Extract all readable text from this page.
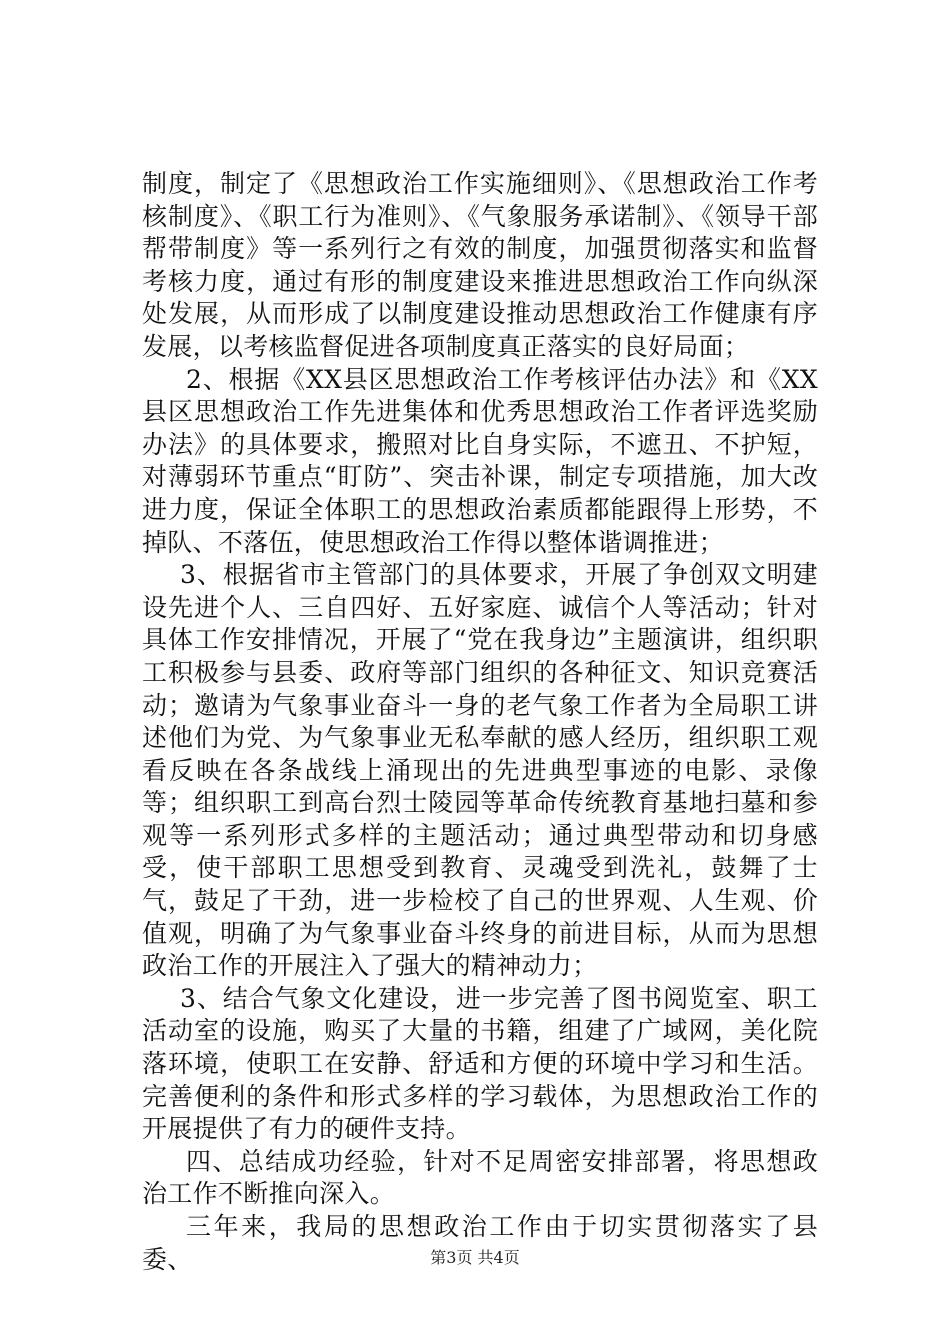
制度，制定了《思想政治工作实施细则》、《思想政治工作考核制度》、《职工行为准则》、《气象服务承诺制》、《领导干部帮带制度》等一系列行之有效的制度，加强贯彻落实和监督考核力度，通过有形的制度建设来推进思想政治工作向纵深处发展，从而形成了以制度建设推动思想政治工作健康有序发展，以考核监督促进各项制度真正落实的良好局面；

2、根据《XX县区思想政治工作考核评估办法》和《XX县区思想政治工作先进集体和优秀思想政治工作者评选奖励办法》的具体要求，搬照对比自身实际，不遮丑、不护短，对薄弱环节重点“盯防”、突击补课，制定专项措施，加大改进力度，保证全体职工的思想政治素质都能跟得上形势，不掉队、不落伍，使思想政治工作得以整体谐调推进；

3、根据省市主管部门的具体要求，开展了争创双文明建设先进个人、三自四好、五好家庭、诚信个人等活动；针对具体工作安排情况，开展了“党在我身边”主题演讲，组织职工积极参与县委、政府等部门组织的各种征文、知识竞赛活动；邀请为气象事业奋斗一身的老气象工作者为全局职工讲述他们为党、为气象事业无私奉献的感人经历，组织职工观看反映在各条战线上涌现出的先进典型事迹的电影、录像等；组织职工到高台烈士陵园等革命传统教育基地扫墓和参观等一系列形式多样的主题活动；通过典型带动和切身感受，使干部职工思想受到教育、灵魂受到洗礼，鼓舞了士气，鼓足了干劲，进一步检校了自己的世界观、人生观、价值观，明确了为气象事业奋斗终身的前进目标，从而为思想政治工作的开展注入了强大的精神动力；

3、结合气象文化建设，进一步完善了图书阅览室、职工活动室的设施，购买了大量的书籍，组建了广域网，美化院落环境，使职工在安静、舒适和方便的环境中学习和生活。完善便利的条件和形式多样的学习载体，为思想政治工作的开展提供了有力的硬件支持。

四、总结成功经验，针对不足周密安排部署，将思想政治工作不断推向深入。

三年来，我局的思想政治工作由于切实贯彻落实了县委、	第3页 共4页
